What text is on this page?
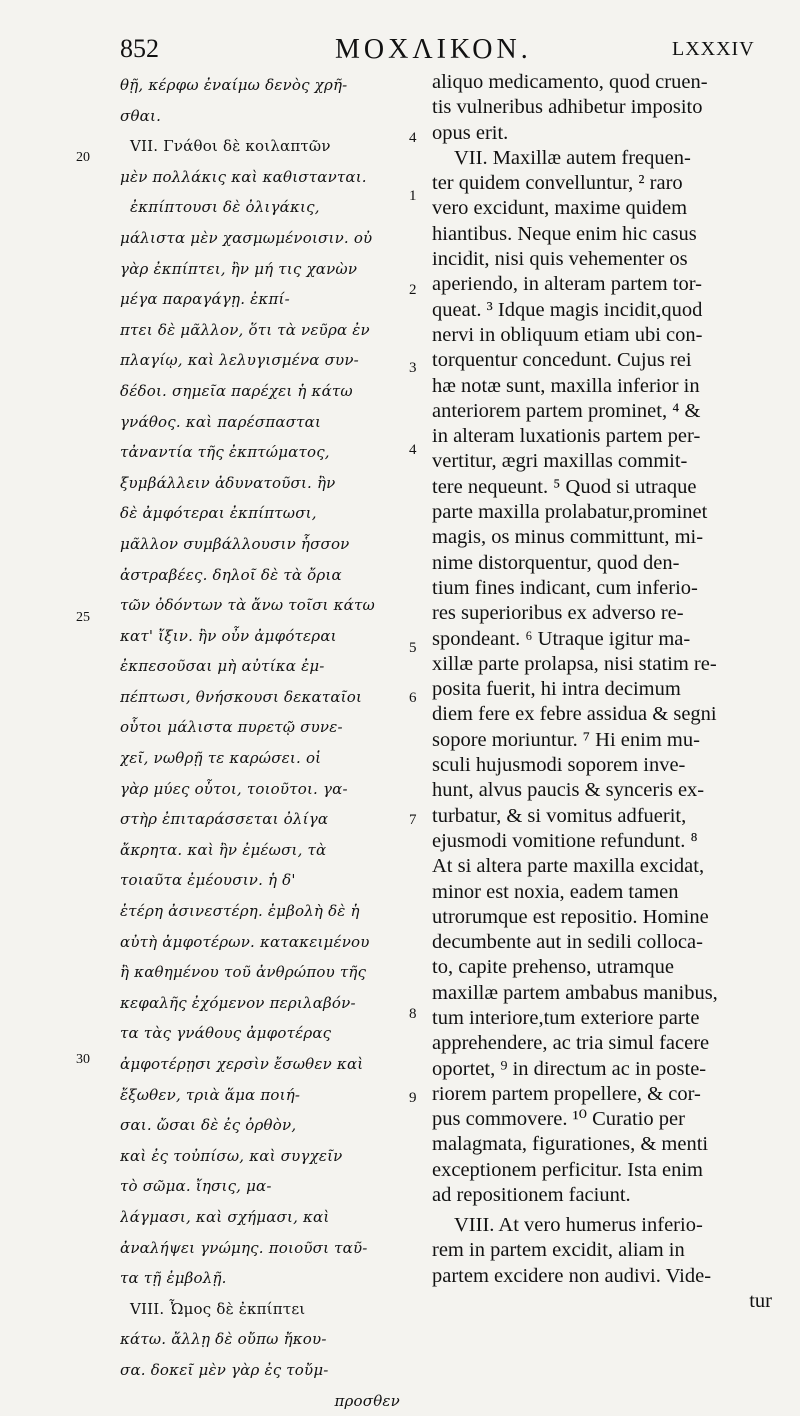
852	ΜΟΧΛΙΚΟΝ.	LXXXIV
20
25
30
4
1
2
3
4
5
6
7
8
9
θῇ, κέρφω ἐναίμω δενὸς χρῆ-
σθαι.
VII. Γνάθοι δὲ κοιλαπτῶν
μὲν πολλάκις καὶ καθιστανται.
ἐκπίπτουσι δὲ ὀλιγάκις,
μάλιστα μὲν χασμωμένοισιν. οὐ
γὰρ ἐκπίπτει, ἢν μή τις χανὼν
μέγα παραγάγῃ. ἐκπί-
πτει δὲ μᾶλλον, ὅτι τὰ νεῦρα ἐν
πλαγίῳ, καὶ λελυγισμένα συν-
δέδοι. σημεῖα παρέχει ἡ κάτω
γνάθος. καὶ παρέσπασται
τἀναντία τῆς ἐκπτώματος,
ξυμβάλλειν ἀδυνατοῦσι. ἢν
δὲ ἀμφότεραι ἐκπίπτωσι,
μᾶλλον συμβάλλουσιν ἧσσον
ἀστραβέες. δηλοῖ δὲ τὰ ὄρια
τῶν ὀδόντων τὰ ἄνω τοῖσι κάτω
κατ' ἴξιν. ἢν οὖν ἀμφότεραι
ἐκπεσοῦσαι μὴ αὐτίκα ἐμ-
πέπτωσι, θνήσκουσι δεκαταῖοι
οὗτοι μάλιστα πυρετῷ συνε-
χεῖ, νωθρῇ τε καρώσει. οἱ
γὰρ μύες οὗτοι, τοιοῦτοι. γα-
στὴρ ἐπιταράσσεται ὀλίγα
ἄκρητα. καὶ ἢν ἐμέωσι, τὰ
τοιαῦτα ἐμέουσιν. ἡ δ'
ἑτέρη ἀσινεστέρη. ἐμβολὴ δὲ ἡ
αὐτὴ ἀμφοτέρων. κατακειμένου
ἢ καθημένου τοῦ ἀνθρώπου τῆς
κεφαλῆς ἐχόμενον περιλαβόν-
τα τὰς γνάθους ἀμφοτέρας
ἀμφοτέρῃσι χερσὶν ἔσωθεν καὶ
ἔξωθεν, τριὰ ἅμα ποιή-
σαι. ὤσαι δὲ ἐς ὀρθὸν,
καὶ ἐς τοὐπίσω, καὶ συγχεῖν
τὸ σῶμα. ἴησις, μα-
λάγμασι, καὶ σχήμασι, καὶ
ἀναλήψει γνώμης. ποιοῦσι ταῦ-
τα τῇ ἐμβολῇ.
VIII. Ὦμος δὲ ἐκπίπτει
κάτω. ἄλλῃ δὲ οὔπω ἤκου-
σα. δοκεῖ μὲν γὰρ ἐς τοὔμ-
προσθεν
aliquo medicamento, quod cruen-
tis vulneribus adhibetur imposito
opus erit.
VII. Maxillæ autem frequen-
ter quidem convelluntur, ² raro
vero excidunt, maxime quidem
hiantibus. Neque enim hic casus
incidit, nisi quis vehementer os
aperiendo, in alteram partem tor-
queat. ³ Idque magis incidit,quod
nervi in obliquum etiam ubi con-
torquentur concedunt. Cujus rei
hæ notæ sunt, maxilla inferior in
anteriorem partem prominet, ⁴ &
in alteram luxationis partem per-
vertitur, ægri maxillas commit-
tere nequeunt. ⁵ Quod si utraque
parte maxilla prolabatur,prominet
magis, os minus committunt, mi-
nime distorquentur, quod den-
tium fines indicant, cum inferio-
res superioribus ex adverso re-
spondeant. ⁶ Utraque igitur ma-
xillæ parte prolapsa, nisi statim re-
posita fuerit, hi intra decimum
diem fere ex febre assidua & segni
sopore moriuntur. ⁷ Hi enim mu-
sculi hujusmodi soporem inve-
hunt, alvus paucis & synceris ex-
turbatur, & si vomitus adfuerit,
ejusmodi vomitione refundunt. ⁸
At si altera parte maxilla excidat,
minor est noxia, eadem tamen
utrorumque est repositio. Homine
decumbente aut in sedili colloca-
to, capite prehenso, utramque
maxillæ partem ambabus manibus,
tum interiore,tum exteriore parte
apprehendere, ac tria simul facere
oportet, ⁹ in directum ac in poste-
riorem partem propellere, & cor-
pus commovere. ¹⁰ Curatio per
malagmata, figurationes, & menti
exceptionem perficitur. Ista enim
ad repositionem faciunt.
VIII. At vero humerus inferio-
rem in partem excidit, aliam in
partem excidere non audivi. Vide-
tur
